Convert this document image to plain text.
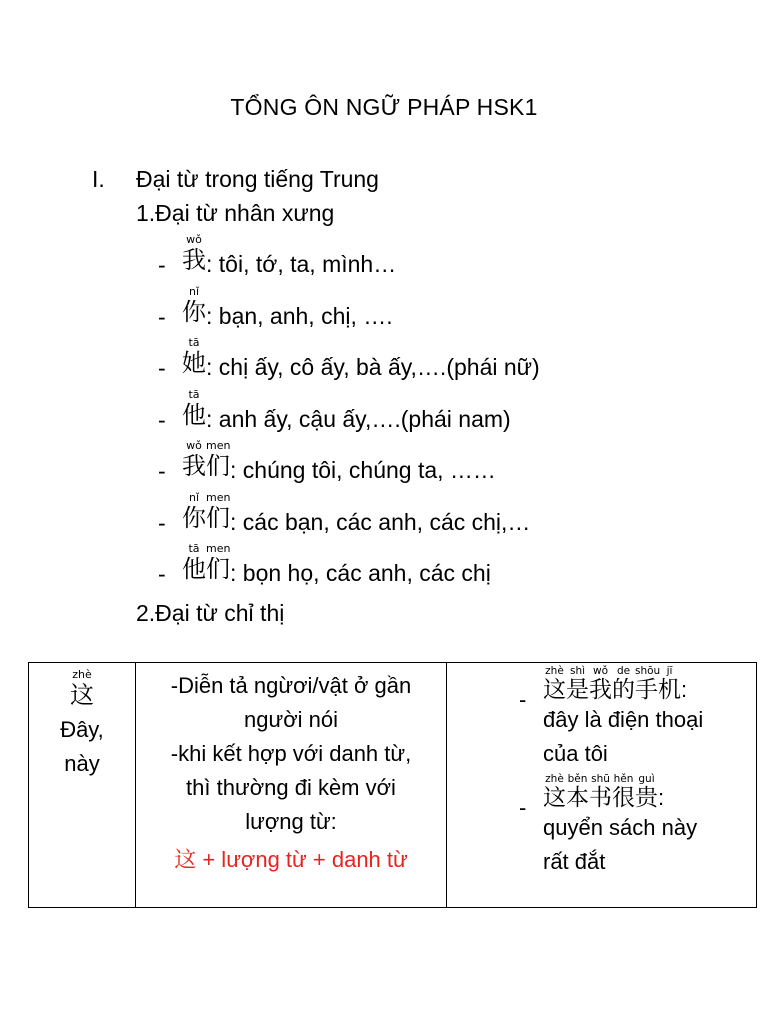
TỔNG ÔN NGỮ PHÁP HSK1
I. Đại từ trong tiếng Trung
1.Đại từ nhân xưng
-
wǒ
我 : tôi, tớ, ta, mình…
-
nǐ
你 : bạn, anh, chị, ….
-
tā
她 : chị ấy, cô ấy, bà ấy,….(phái nữ)
-
tā
他 : anh ấy, cậu ấy,….(phái nam)
-
wǒ
我
men
们 : chúng tôi, chúng ta, ……
-
nǐ
你
men
们 : các bạn, các anh, các chị,…
-
tā
他
men
们 : bọn họ, các anh, các chị
2.Đại từ chỉ thị
zhè
这
Đây,
này

-Diễn tả ngừơi/vật ở gần
người nói
-khi kết hợp với danh từ,
thì thường đi kèm với
lượng từ:
这 + lượng từ + danh từ

-
zhè
这
shì
是
wǒ
我
de
的
shōu
手
jī
机 :
đây là điện thoại
của tôi
-
zhè
这
běn
本
shū
书
hěn
很
guì
贵 :
quyển sách này
rất đắt
